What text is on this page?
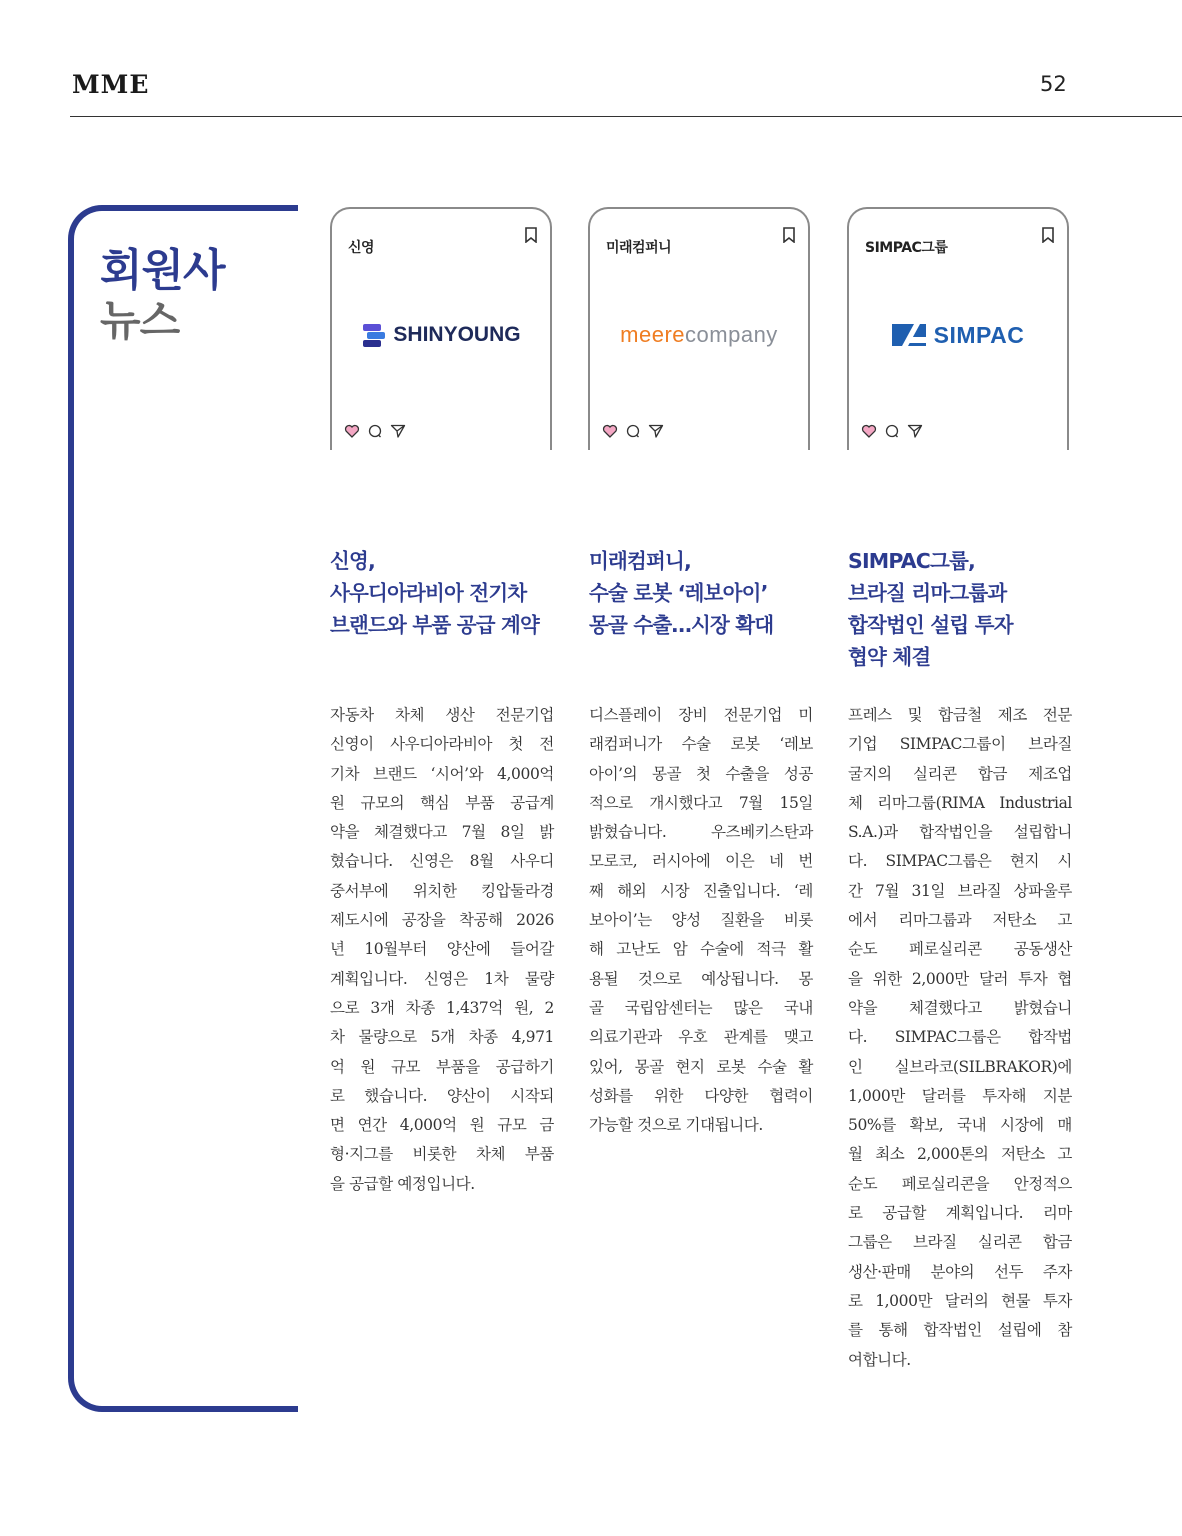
MME	52
회원사
뉴스
신영
SHINYOUNG
미래컴퍼니
meere company
SIMPAC그룹
SIMPAC
신영,
사우디아라비아 전기차
브랜드와 부품 공급 계약
미래컴퍼니,
수술 로봇 ‘레보아이’
몽골 수출…시장 확대
SIMPAC그룹,
브라질 리마그룹과
합작법인 설립 투자
협약 체결
자동차 차체 생산 전문기업
신영이 사우디아라비아 첫 전
기차 브랜드 ‘시어’와 4,000억
원 규모의 핵심 부품 공급계
약을 체결했다고 7월 8일 밝
혔습니다. 신영은 8월 사우디
중서부에 위치한 킹압둘라경
제도시에 공장을 착공해 2026
년 10월부터 양산에 들어갈
계획입니다. 신영은 1차 물량
으로 3개 차종 1,437억 원, 2
차 물량으로 5개 차종 4,971
억 원 규모 부품을 공급하기
로 했습니다. 양산이 시작되
면 연간 4,000억 원 규모 금
형·지그를 비롯한 차체 부품
을 공급할 예정입니다.
디스플레이 장비 전문기업 미
래컴퍼니가 수술 로봇 ‘레보
아이’의 몽골 첫 수출을 성공
적으로 개시했다고 7월 15일
밝혔습니다. 우즈베키스탄과
모로코, 러시아에 이은 네 번
째 해외 시장 진출입니다. ‘레
보아이’는 양성 질환을 비롯
해 고난도 암 수술에 적극 활
용될 것으로 예상됩니다. 몽
골 국립암센터는 많은 국내
의료기관과 우호 관계를 맺고
있어, 몽골 현지 로봇 수술 활
성화를 위한 다양한 협력이
가능할 것으로 기대됩니다.
프레스 및 합금철 제조 전문
기업 SIMPAC그룹이 브라질
굴지의 실리콘 합금 제조업
체 리마그룹(RIMA Industrial
S.A.)과 합작법인을 설립합니
다. SIMPAC그룹은 현지 시
간 7월 31일 브라질 상파울루
에서 리마그룹과 저탄소 고
순도 페로실리콘 공동생산
을 위한 2,000만 달러 투자 협
약을 체결했다고 밝혔습니
다. SIMPAC그룹은 합작법
인 실브라코(SILBRAKOR)에
1,000만 달러를 투자해 지분
50%를 확보, 국내 시장에 매
월 최소 2,000톤의 저탄소 고
순도 페로실리콘을 안정적으
로 공급할 계획입니다. 리마
그룹은 브라질 실리콘 합금
생산·판매 분야의 선두 주자
로 1,000만 달러의 현물 투자
를 통해 합작법인 설립에 참
여합니다.
